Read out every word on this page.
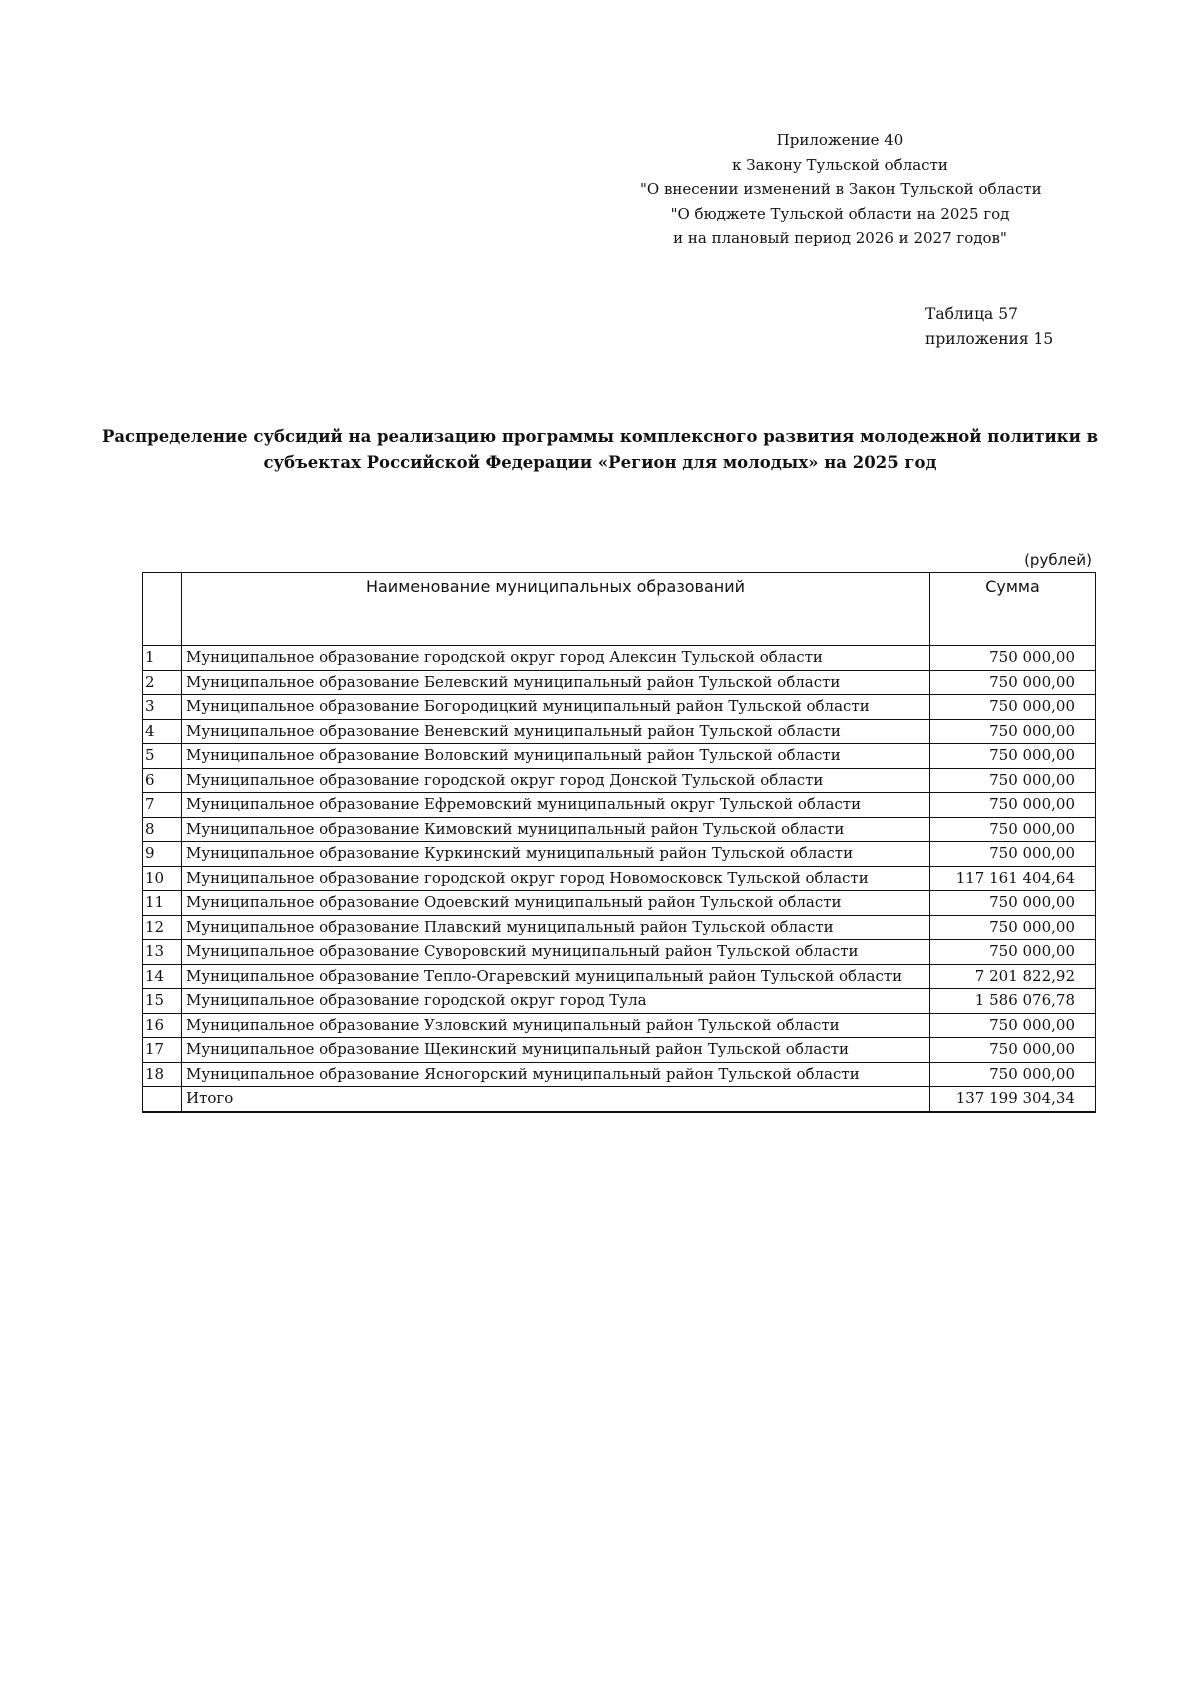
Приложение 40
к Закону Тульской области
"О внесении изменений в Закон Тульской области
"О бюджете Тульской области на 2025 год
и на плановый период 2026 и 2027 годов"
Таблица 57
приложения 15
Распределение субсидий на реализацию программы комплексного развития молодежной политики в
субъектах Российской Федерации «Регион для молодых» на 2025 год
(рублей)
	Наименование муниципальных образований	Сумма
1	Муниципальное образование городской округ город Алексин Тульской области	750 000,00
2	Муниципальное образование Белевский муниципальный район Тульской области	750 000,00
3	Муниципальное образование Богородицкий муниципальный район Тульской области	750 000,00
4	Муниципальное образование Веневский муниципальный район Тульской области	750 000,00
5	Муниципальное образование Воловский муниципальный район Тульской области	750 000,00
6	Муниципальное образование городской округ город Донской Тульской области	750 000,00
7	Муниципальное образование Ефремовский муниципальный округ Тульской области	750 000,00
8	Муниципальное образование Кимовский муниципальный район Тульской области	750 000,00
9	Муниципальное образование Куркинский муниципальный район Тульской области	750 000,00
10	Муниципальное образование городской округ город Новомосковск Тульской области	117 161 404,64
11	Муниципальное образование Одоевский муниципальный район Тульской области	750 000,00
12	Муниципальное образование Плавский муниципальный район Тульской области	750 000,00
13	Муниципальное образование Суворовский муниципальный район Тульской области	750 000,00
14	Муниципальное образование Тепло-Огаревский муниципальный район Тульской области	7 201 822,92
15	Муниципальное образование городской округ город Тула	1 586 076,78
16	Муниципальное образование Узловский муниципальный район Тульской области	750 000,00
17	Муниципальное образование Щекинский муниципальный район Тульской области	750 000,00
18	Муниципальное образование Ясногорский муниципальный район Тульской области	750 000,00
	Итого	137 199 304,34
